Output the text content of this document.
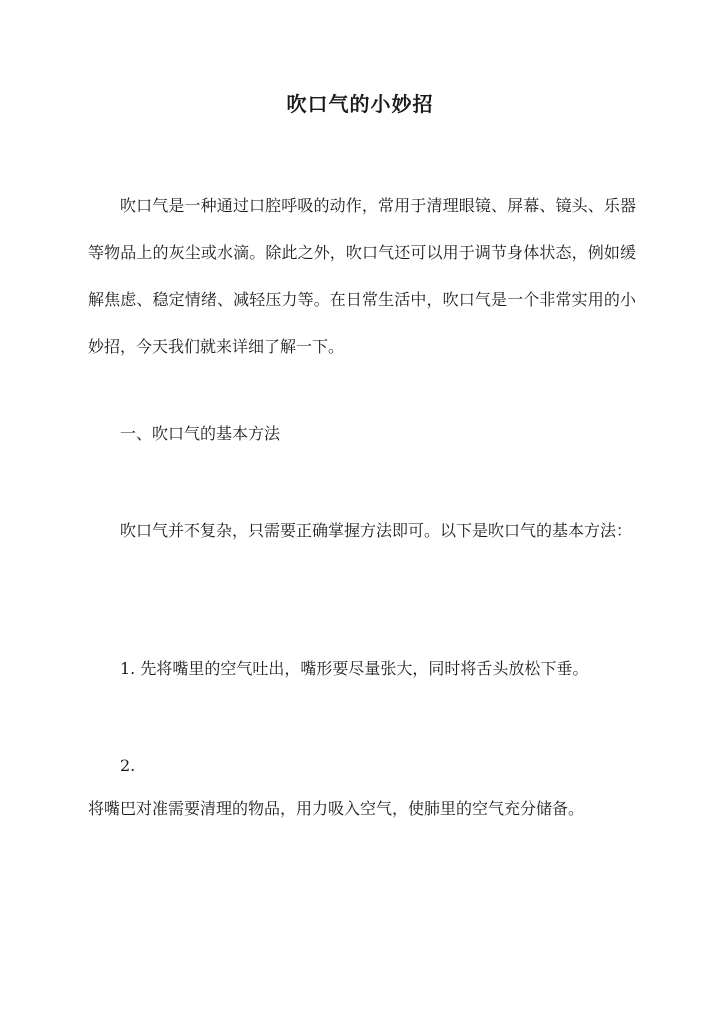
吹口气的小妙招

吹口气是一种通过口腔呼吸的动作，常用于清理眼镜、屏幕、镜头、乐器等物品上的灰尘或水滴。除此之外，吹口气还可以用于调节身体状态，例如缓解焦虑、稳定情绪、减轻压力等。在日常生活中，吹口气是一个非常实用的小妙招，今天我们就来详细了解一下。

一、吹口气的基本方法

吹口气并不复杂，只需要正确掌握方法即可。以下是吹口气的基本方法：

1. 先将嘴里的空气吐出，嘴形要尽量张大，同时将舌头放松下垂。

2.

将嘴巴对准需要清理的物品，用力吸入空气，使肺里的空气充分储备。
